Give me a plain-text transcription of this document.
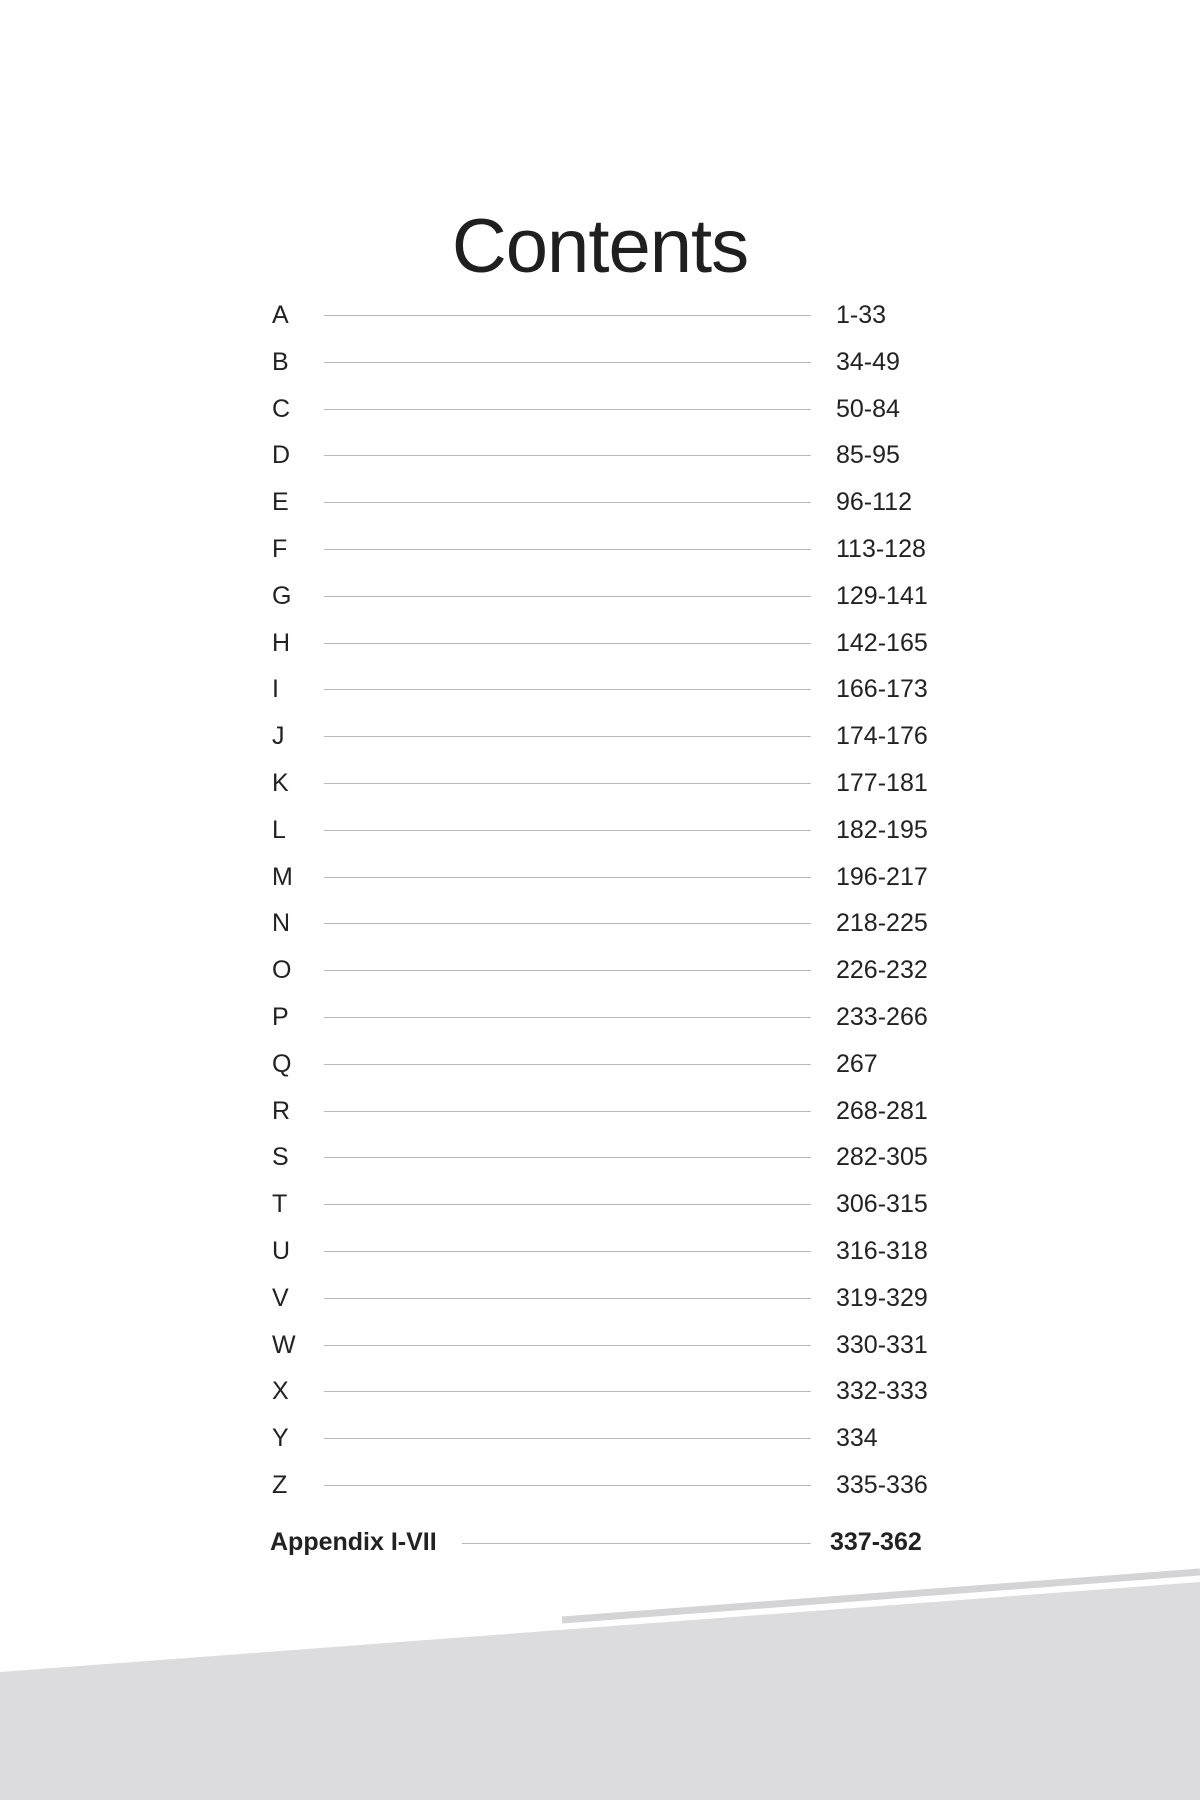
Contents
A	1-33
B	34-49
C	50-84
D	85-95
E	96-112
F	113-128
G	129-141
H	142-165
I	166-173
J	174-176
K	177-181
L	182-195
M	196-217
N	218-225
O	226-232
P	233-266
Q	267
R	268-281
S	282-305
T	306-315
U	316-318
V	319-329
W	330-331
X	332-333
Y	334
Z	335-336
Appendix I-VII	337-362
